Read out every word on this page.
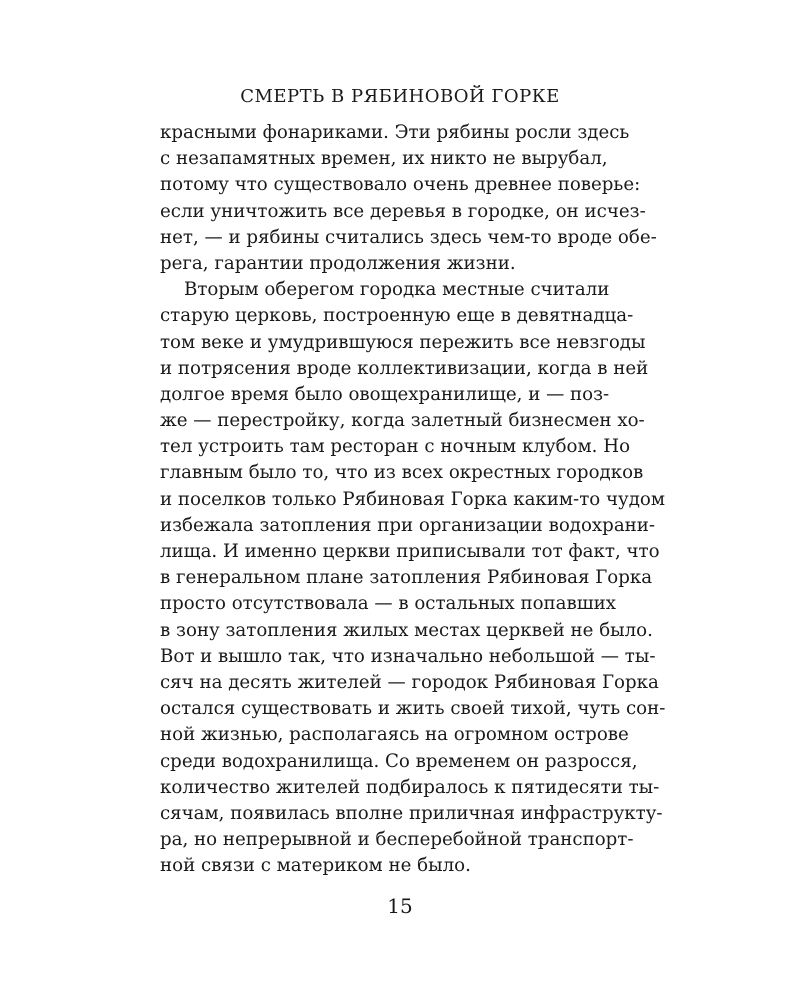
СМЕРТЬ В РЯБИНОВОЙ ГОРКЕ
красными фонариками. Эти рябины росли здесь
с незапамятных времен, их никто не вырубал,
потому что существовало очень древнее поверье:
если уничтожить все деревья в городке, он исчез-
нет, — и рябины считались здесь чем-то вроде обе-
рега, гарантии продолжения жизни.
Вторым оберегом городка местные считали
старую церковь, построенную еще в девятнадца-
том веке и умудрившуюся пережить все невзгоды
и потрясения вроде коллективизации, когда в ней
долгое время было овощехранилище, и — поз-
же — перестройку, когда залетный бизнесмен хо-
тел устроить там ресторан с ночным клубом. Но
главным было то, что из всех окрестных городков
и поселков только Рябиновая Горка каким-то чудом
избежала затопления при организации водохрани-
лища. И именно церкви приписывали тот факт, что
в генеральном плане затопления Рябиновая Горка
просто отсутствовала — в остальных попавших
в зону затопления жилых местах церквей не было.
Вот и вышло так, что изначально небольшой — ты-
сяч на десять жителей — городок Рябиновая Горка
остался существовать и жить своей тихой, чуть сон-
ной жизнью, располагаясь на огромном острове
среди водохранилища. Со временем он разросся,
количество жителей подбиралось к пятидесяти ты-
сячам, появилась вполне приличная инфраструкту-
ра, но непрерывной и бесперебойной транспорт-
ной связи с материком не было.
15
